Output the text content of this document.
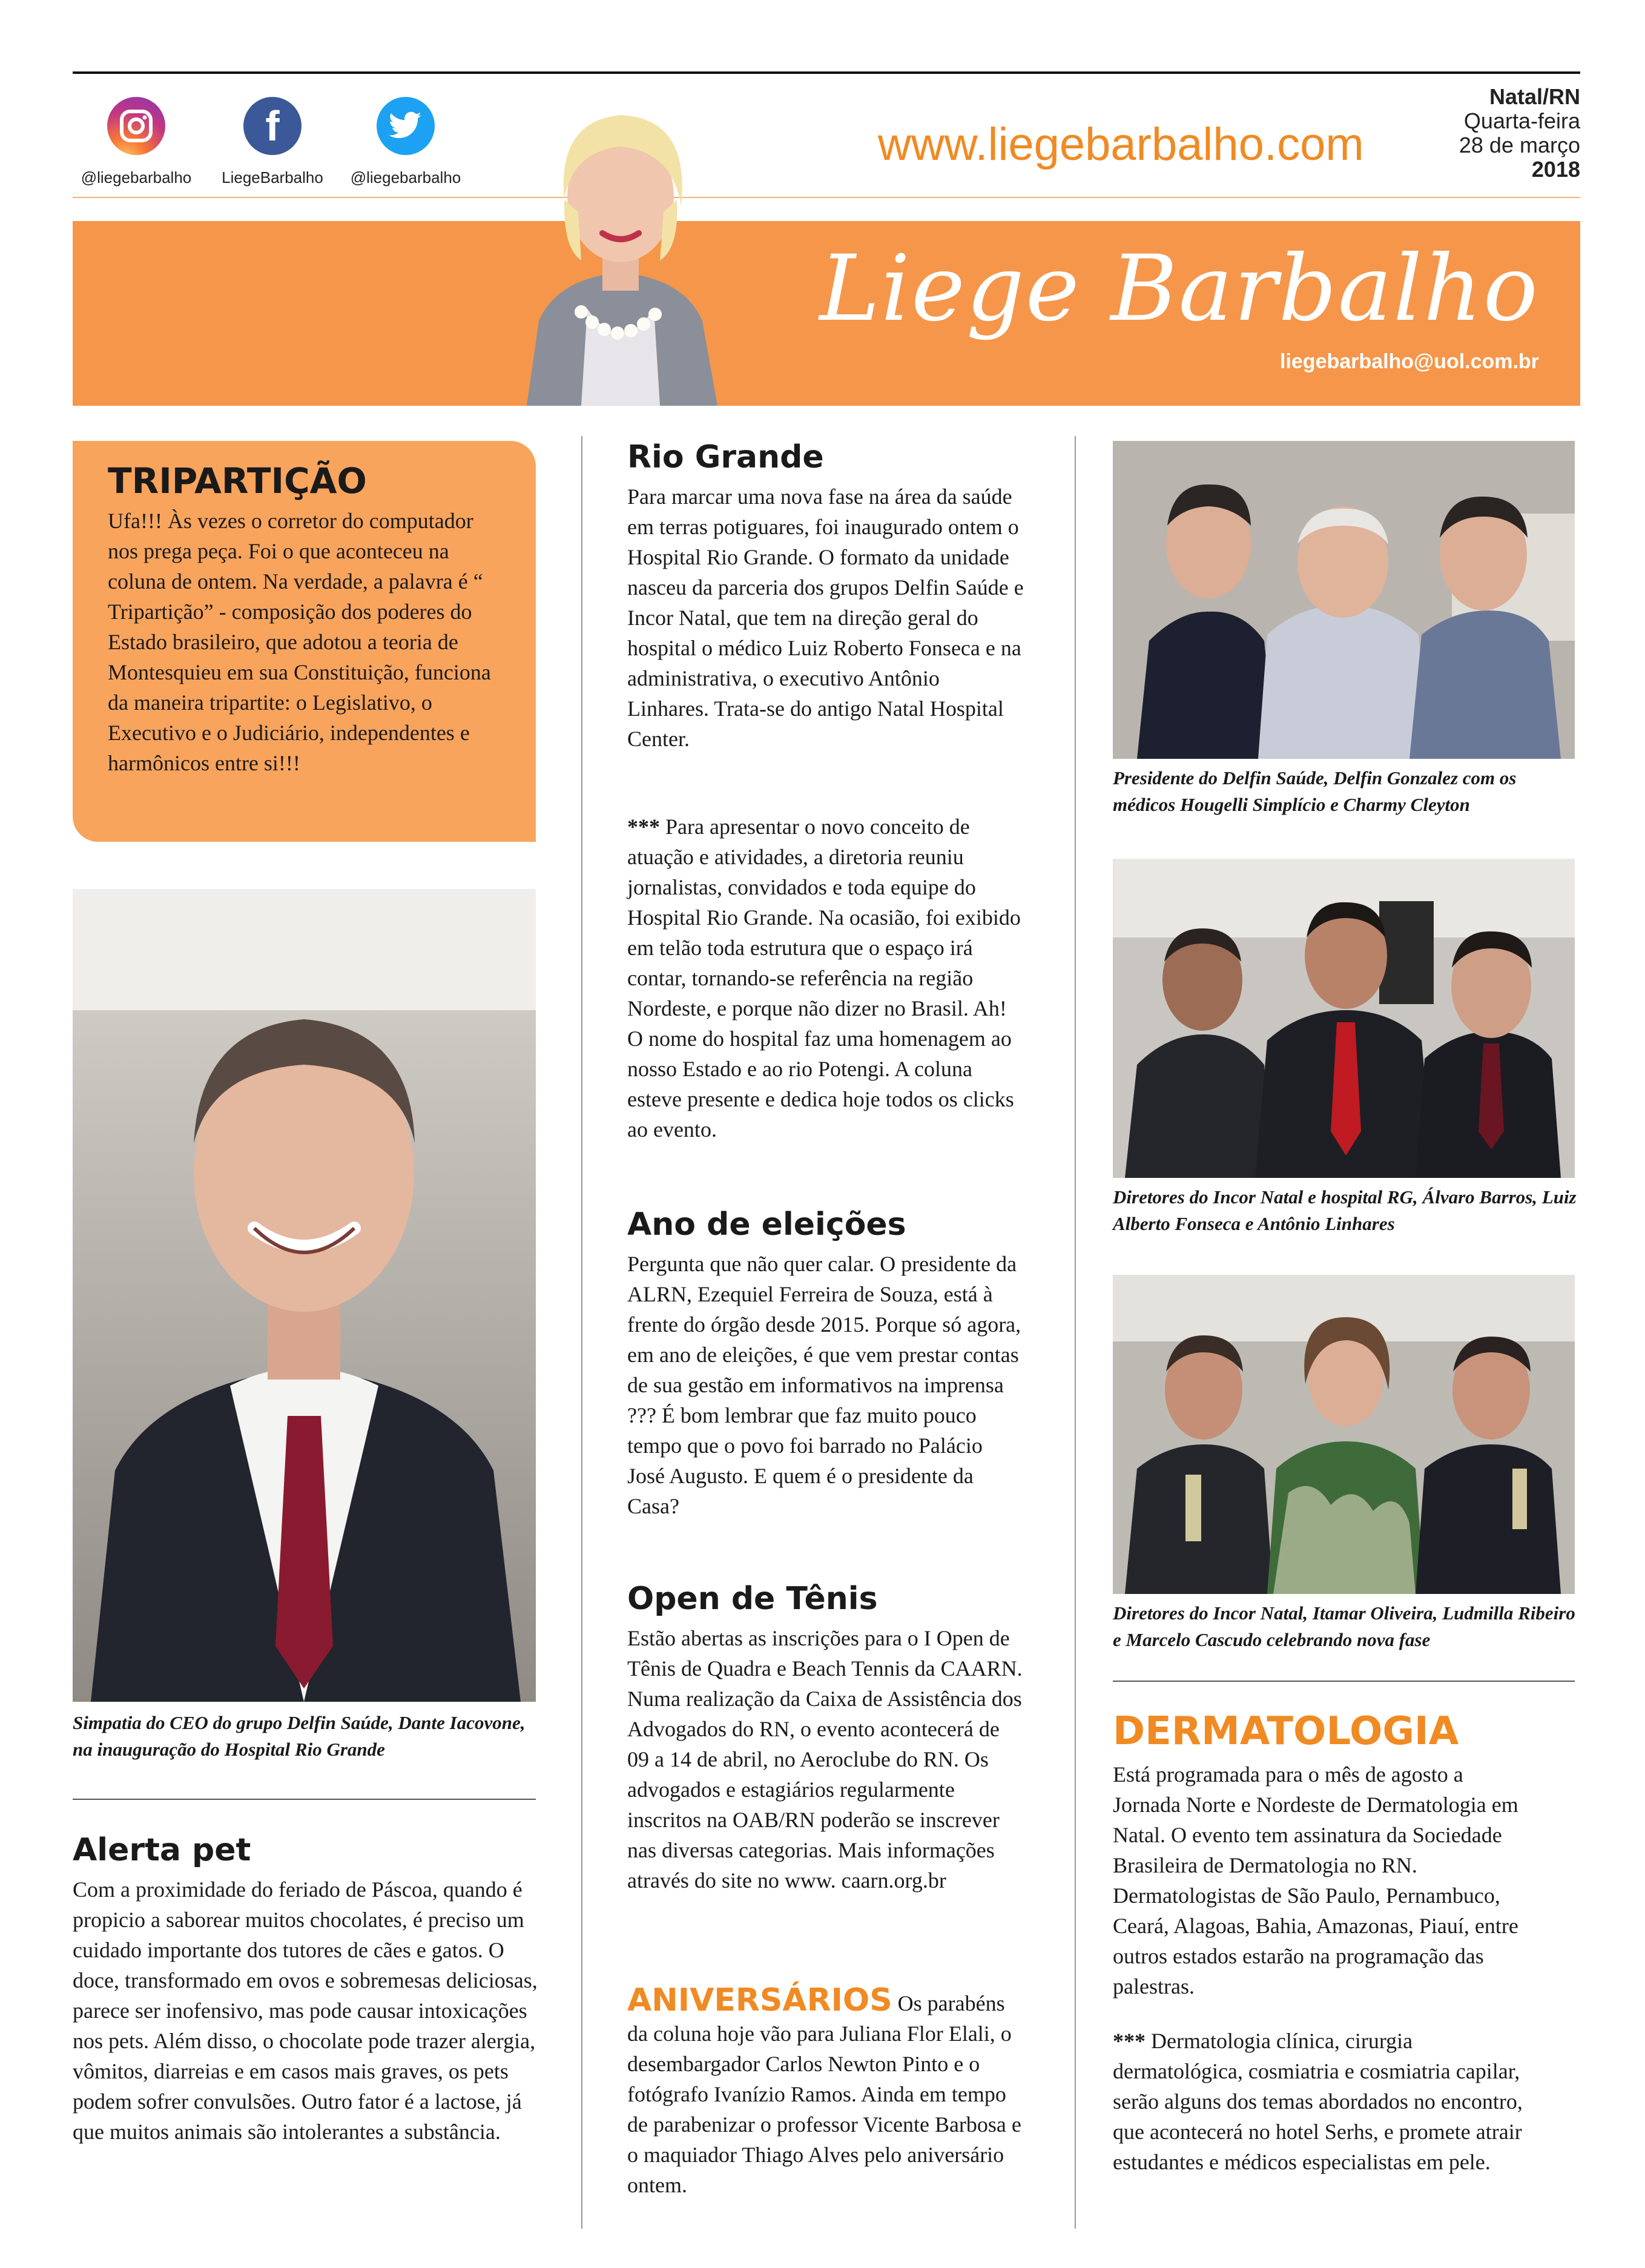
@liegebarbalho
f
LiegeBarbalho	@liegebarbalho
www.liegebarbalho.com
Natal/RN
Quarta-feira
28 de março
2018
Liege Barbalho
liegebarbalho@uol.com.br
TRIPARTIÇÃO
Ufa!!! Às vezes o corretor do computador nos prega peça. Foi o que aconteceu na coluna de ontem. Na verdade, a palavra é “ Tripartição” - composição dos poderes do Estado brasileiro, que adotou a teoria de Montesquieu em sua Constituição, funciona da maneira tripartite: o Legislativo, o Executivo e o Judiciário, independentes e harmônicos entre si!!!
Simpatia do CEO do grupo Delfin Saúde, Dante Iacovone, na inauguração do Hospital Rio Grande
Alerta pet
Com a proximidade do feriado de Páscoa, quando é propicio a saborear muitos chocolates, é preciso um cuidado importante dos tutores de cães e gatos. O doce, transformado em ovos e sobremesas deliciosas, parece ser inofensivo, mas pode causar intoxicações nos pets. Além disso, o chocolate pode trazer alergia, vômitos, diarreias e em casos mais graves, os pets podem sofrer convulsões. Outro fator é a lactose, já que muitos animais são intolerantes a substância.
Rio Grande
Para marcar uma nova fase na área da saúde em terras potiguares, foi inaugurado ontem o Hospital Rio Grande. O formato da unidade nasceu da parceria dos grupos Delfin Saúde e Incor Natal, que tem na direção geral do hospital o médico Luiz Roberto Fonseca e na administrativa, o executivo Antônio Linhares. Trata-se do antigo Natal Hospital Center.
*** Para apresentar o novo conceito de atuação e atividades, a diretoria reuniu jornalistas, convidados e toda equipe do Hospital Rio Grande. Na ocasião, foi exibido em telão toda estrutura que o espaço irá contar, tornando-se referência na região Nordeste, e porque não dizer no Brasil. Ah! O nome do hospital faz uma homenagem ao nosso Estado e ao rio Potengi. A coluna esteve presente e dedica hoje todos os clicks ao evento.
Ano de eleições
Pergunta que não quer calar. O presidente da ALRN, Ezequiel Ferreira de Souza, está à frente do órgão desde 2015. Porque só agora, em ano de eleições, é que vem prestar contas de sua gestão em informativos na imprensa ??? É bom lembrar que faz muito pouco tempo que o povo foi barrado no Palácio José Augusto. E quem é o presidente da Casa?
Open de Tênis
Estão abertas as inscrições para o I Open de Tênis de Quadra e Beach Tennis da CAARN. Numa realização da Caixa de Assistência dos Advogados do RN, o evento acontecerá de 09 a 14 de abril, no Aeroclube do RN. Os advogados e estagiários regularmente inscritos na OAB/RN poderão se inscrever nas diversas categorias. Mais informações através do site no www. caarn.org.br
ANIVERSÁRIOS Os parabéns da coluna hoje vão para Juliana Flor Elali, o desembargador Carlos Newton Pinto e o fotógrafo Ivanízio Ramos. Ainda em tempo de parabenizar o professor Vicente Barbosa e o maquiador Thiago Alves pelo aniversário ontem.
Presidente do Delfin Saúde, Delfin Gonzalez com os médicos Hougelli Simplício e Charmy Cleyton
Diretores do Incor Natal e hospital RG, Álvaro Barros, Luiz Alberto Fonseca e Antônio Linhares
Diretores do Incor Natal, Itamar Oliveira, Ludmilla Ribeiro e Marcelo Cascudo celebrando nova fase
DERMATOLOGIA
Está programada para o mês de agosto a Jornada Norte e Nordeste de Dermatologia em Natal. O evento tem assinatura da Sociedade Brasileira de Dermatologia no RN. Dermatologistas de São Paulo, Pernambuco, Ceará, Alagoas, Bahia, Amazonas, Piauí, entre outros estados estarão na programação das palestras.
*** Dermatologia clínica, cirurgia dermatológica, cosmiatria e cosmiatria capilar, serão alguns dos temas abordados no encontro, que acontecerá no hotel Serhs, e promete atrair estudantes e médicos especialistas em pele.
